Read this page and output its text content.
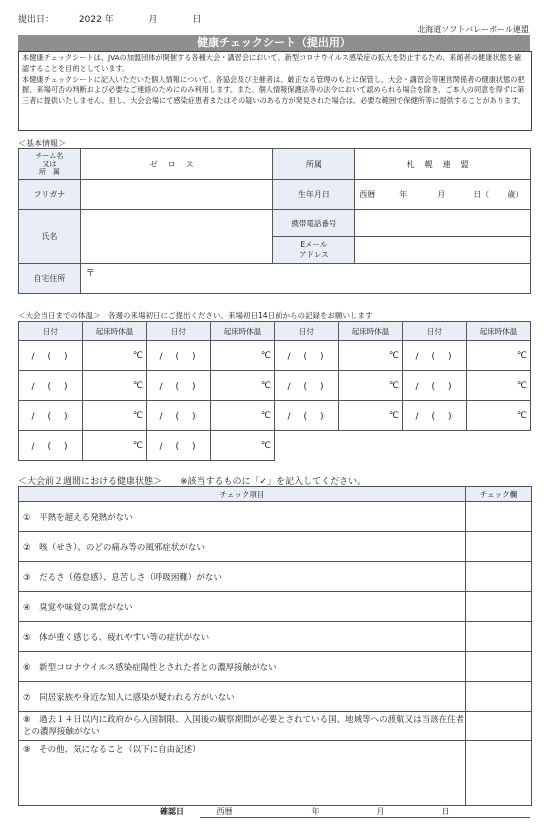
提出日：	2022 年	月	日
北海道ソフトバレーボール連盟
健康チェックシート（提出用）

本健康チェックシートは、JVAの加盟団体が開催する各種大会・講習会において、新型コロナウイルス感染症の拡大を防止するため、来館者の健康状態を確認することを目的としています。

本健康チェックシートに記入いただいた個人情報について、各協会及び主催者は、厳正なる管理のもとに保管し、大会・講習会等運営関係者の健康状態の把握、来場可否の判断および必要なご連絡のためにのみ利用します。また、個人情報保護法等の法令において認められる場合を除き、ご本人の同意を得ずに第三者に提供いたしません。但し、大会会場にて感染症患者またはその疑いのある方が発見された場合は、必要な範囲で保健所等に提供することがあります。

＜基本情報＞
チーム名
又は
所　属	ゼロス	所属	札幌連盟
フリガナ		生年月日	西暦 年 月 日（ 歳）
氏名		携帯電話番号	
		Eメール
アドレス	
自宅住所	〒		
＜大会当日までの体温＞　各週の来場初日にご提出ください。来場初日14日前からの記録をお願いします
日付	起床時体温	日付	起床時体温	日付	起床時体温	日付	起床時体温
/　(　)	℃	/　(　)	℃	/　(　)	℃	/　(　)	℃
/　(　)	℃	/　(　)	℃	/　(　)	℃	/　(　)	℃
/　(　)	℃	/　(　)	℃	/　(　)	℃	/　(　)	℃
/　(　)	℃	/　(　)	℃				
＜大会前２週間における健康状態＞　　※該当するものに「✓」を記入してください。
チェック項目	チェック欄
①　平熱を超える発熱がない	
②　咳（せき）、のどの痛み等の風邪症状がない	
③　だるさ（倦怠感）、息苦しさ（呼吸困難）がない	
④　臭覚や味覚の異常がない	
⑤　体が重く感じる、疲れやすい等の症状がない	
⑥　新型コロナウイルス感染症陽性とされた者との濃厚接触がない	
⑦　同居家族や身近な知人に感染が疑われる方がいない	
⑧　過去１４日以内に政府から入国制限、入国後の観察期間が必要とされている国、地域等への渡航又は当該在住者との濃厚接触がない	
⑨　その他、気になること（以下に自由記述）	
確認日	西暦	年	月	日
